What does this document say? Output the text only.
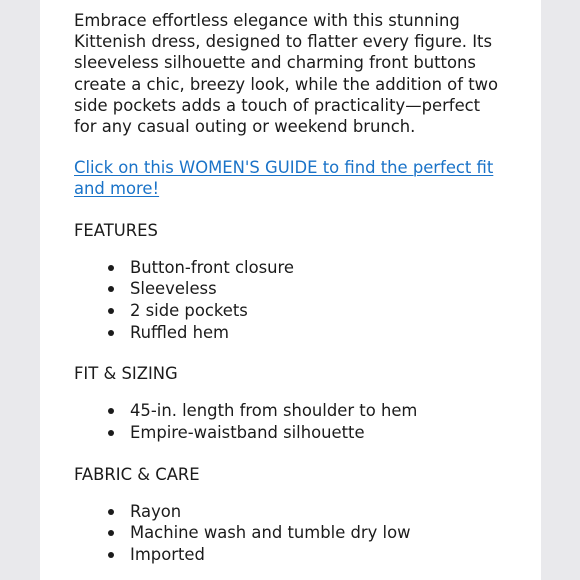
Embrace effortless elegance with this stunning Kittenish dress, designed to flatter every figure. Its sleeveless silhouette and charming front buttons create a chic, breezy look, while the addition of two side pockets adds a touch of practicality—perfect for any casual outing or weekend brunch.

Click on this WOMEN'S GUIDE to find the perfect fit and more!
FEATURES
Button-front closure
Sleeveless
2 side pockets
Ruffled hem
FIT & SIZING
45-in. length from shoulder to hem
Empire-waistband silhouette
FABRIC & CARE
Rayon
Machine wash and tumble dry low
Imported
